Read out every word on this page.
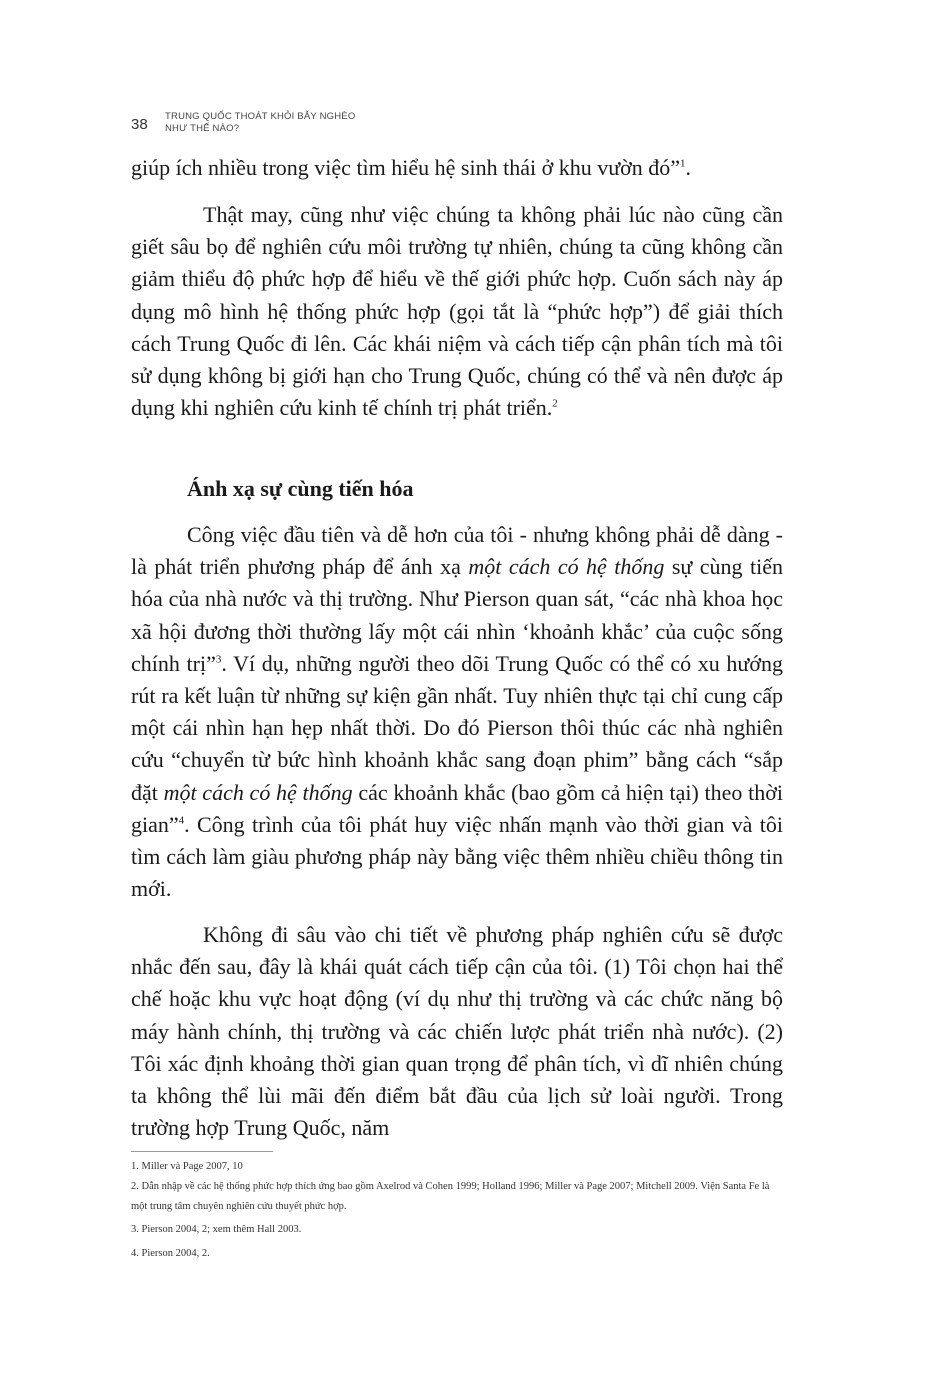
38 TRUNG QUỐC THOÁT KHỎI BẪY NGHÈO
NHƯ THẾ NÀO?

giúp ích nhiều trong việc tìm hiểu hệ sinh thái ở khu vườn đó”$^1$.

Thật may, cũng như việc chúng ta không phải lúc nào cũng cần giết sâu bọ để nghiên cứu môi trường tự nhiên, chúng ta cũng không cần giảm thiểu độ phức hợp để hiểu về thế giới phức hợp. Cuốn sách này áp dụng mô hình hệ thống phức hợp (gọi tắt là “phức hợp”) để giải thích cách Trung Quốc đi lên. Các khái niệm và cách tiếp cận phân tích mà tôi sử dụng không bị giới hạn cho Trung Quốc, chúng có thể và nên được áp dụng khi nghiên cứu kinh tế chính trị phát triển.$^2$

Ánh xạ sự cùng tiến hóa

Công việc đầu tiên và dễ hơn của tôi - nhưng không phải dễ dàng - là phát triển phương pháp để ánh xạ một cách có hệ thống sự cùng tiến hóa của nhà nước và thị trường. Như Pierson quan sát, “các nhà khoa học xã hội đương thời thường lấy một cái nhìn ‘khoảnh khắc’ của cuộc sống chính trị”$^3$. Ví dụ, những người theo dõi Trung Quốc có thể có xu hướng rút ra kết luận từ những sự kiện gần nhất. Tuy nhiên thực tại chỉ cung cấp một cái nhìn hạn hẹp nhất thời. Do đó Pierson thôi thúc các nhà nghiên cứu “chuyển từ bức hình khoảnh khắc sang đoạn phim” bằng cách “sắp đặt một cách có hệ thống các khoảnh khắc (bao gồm cả hiện tại) theo thời gian”$^4$. Công trình của tôi phát huy việc nhấn mạnh vào thời gian và tôi tìm cách làm giàu phương pháp này bằng việc thêm nhiều chiều thông tin mới.

Không đi sâu vào chi tiết về phương pháp nghiên cứu sẽ được nhắc đến sau, đây là khái quát cách tiếp cận của tôi. (1) Tôi chọn hai thể chế hoặc khu vực hoạt động (ví dụ như thị trường và các chức năng bộ máy hành chính, thị trường và các chiến lược phát triển nhà nước). (2) Tôi xác định khoảng thời gian quan trọng để phân tích, vì dĩ nhiên chúng ta không thể lùi mãi đến điểm bắt đầu của lịch sử loài người. Trong trường hợp Trung Quốc, năm

1. Miller và Page 2007, 10

2. Dẫn nhập về các hệ thống phức hợp thích ứng bao gồm Axelrod và Cohen 1999; Holland 1996; Miller và Page 2007; Mitchell 2009. Viện Santa Fe là một trung tâm chuyên nghiên cứu thuyết phức hợp.

3. Pierson 2004, 2; xem thêm Hall 2003.

4. Pierson 2004, 2.
